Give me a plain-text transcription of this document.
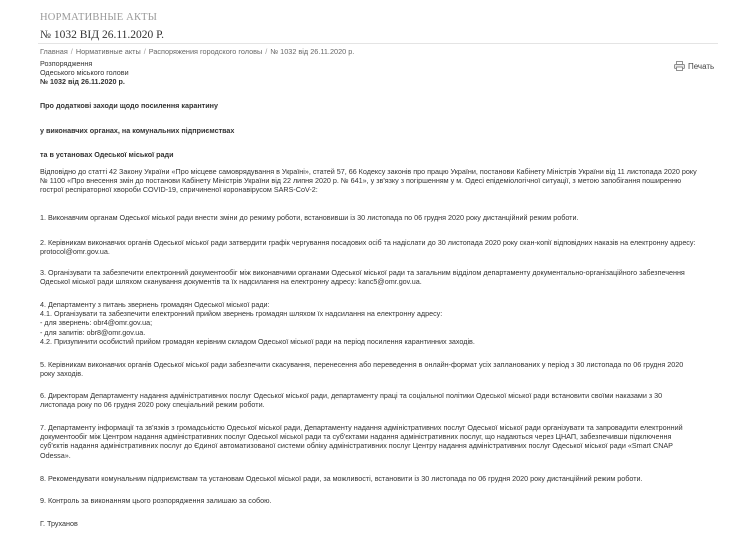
НОРМАТИВНЫЕ АКТЫ
№ 1032 ВІД 26.11.2020 Р.
Главная / Нормативные акты / Распоряжения городского головы / № 1032 від 26.11.2020 р.
Печать
Розпорядження
Одеського міського голови
№ 1032 від 26.11.2020 р.
Про додаткові заходи щодо посилення карантину
у виконавчих органах, на комунальних підприємствах
та в установах Одеської міської ради
Відповідно до статті 42 Закону України «Про місцеве самоврядування в Україні», статей 57, 66 Кодексу законів про працю України, постанови Кабінету Міністрів України від 11 листопада 2020 року
№ 1100 «Про внесення змін до постанови Кабінету Міністрів України від 22 липня 2020 р. № 641», у зв'язку з погіршенням у м. Одесі епідеміологічної ситуації, з метою запобігання поширенню
гострої респіраторної хвороби COVID-19, спричиненої коронавірусом SARS-CoV-2:
1. Виконавчим органам Одеської міської ради внести зміни до режиму роботи, встановивши із 30 листопада по 06 грудня 2020 року дистанційний режим роботи.
2. Керівникам виконавчих органів Одеської міської ради затвердити графік чергування посадових осіб та надіслати до 30 листопада 2020 року скан-копії відповідних наказів на електронну адресу:
protocol@omr.gov.ua.
3. Організувати та забезпечити електронний документообіг між виконавчими органами Одеської міської ради та загальним відділом департаменту документально-організаційного забезпечення
Одеської міської ради шляхом сканування документів та їх надсилання на електронну адресу: kanc5@omr.gov.ua.
4. Департаменту з питань звернень громадян Одеської міської ради:
4.1. Організувати та забезпечити електронний прийом звернень громадян шляхом їх надсилання на електронну адресу:
- для звернень: obr4@omr.gov.ua;
- для запитів: obr8@omr.gov.ua.
4.2. Призупинити особистий прийом громадян керівним складом Одеської міської ради на період посилення карантинних заходів.
5. Керівникам виконавчих органів Одеської міської ради забезпечити скасування, перенесення або переведення в онлайн-формат усіх запланованих у період з 30 листопада по 06 грудня 2020
року заходів.
6. Директорам Департаменту надання адміністративних послуг Одеської міської ради, департаменту праці та соціальної політики Одеської міської ради встановити своїми наказами з 30
листопада року по 06 грудня 2020 року спеціальний режим роботи.
7. Департаменту інформації та зв'язків з громадськістю Одеської міської ради, Департаменту надання адміністративних послуг Одеської міської ради організувати та запровадити електронний
документообіг між Центром надання адміністративних послуг Одеської міської ради та суб'єктами надання адміністративних послуг, що надаються через ЦНАП, забезпечивши підключення
суб'єктів надання адміністративних послуг до Єдиної автоматизованої системи обліку адміністративних послуг Центру надання адміністративних послуг Одеської міської ради «Smart CNAP
Odessa».
8. Рекомендувати комунальним підприємствам та установам Одеської міської ради, за можливості, встановити із 30 листопада по 06 грудня 2020 року дистанційний режим роботи.
9. Контроль за виконанням цього розпорядження залишаю за собою.
Г. Труханов
